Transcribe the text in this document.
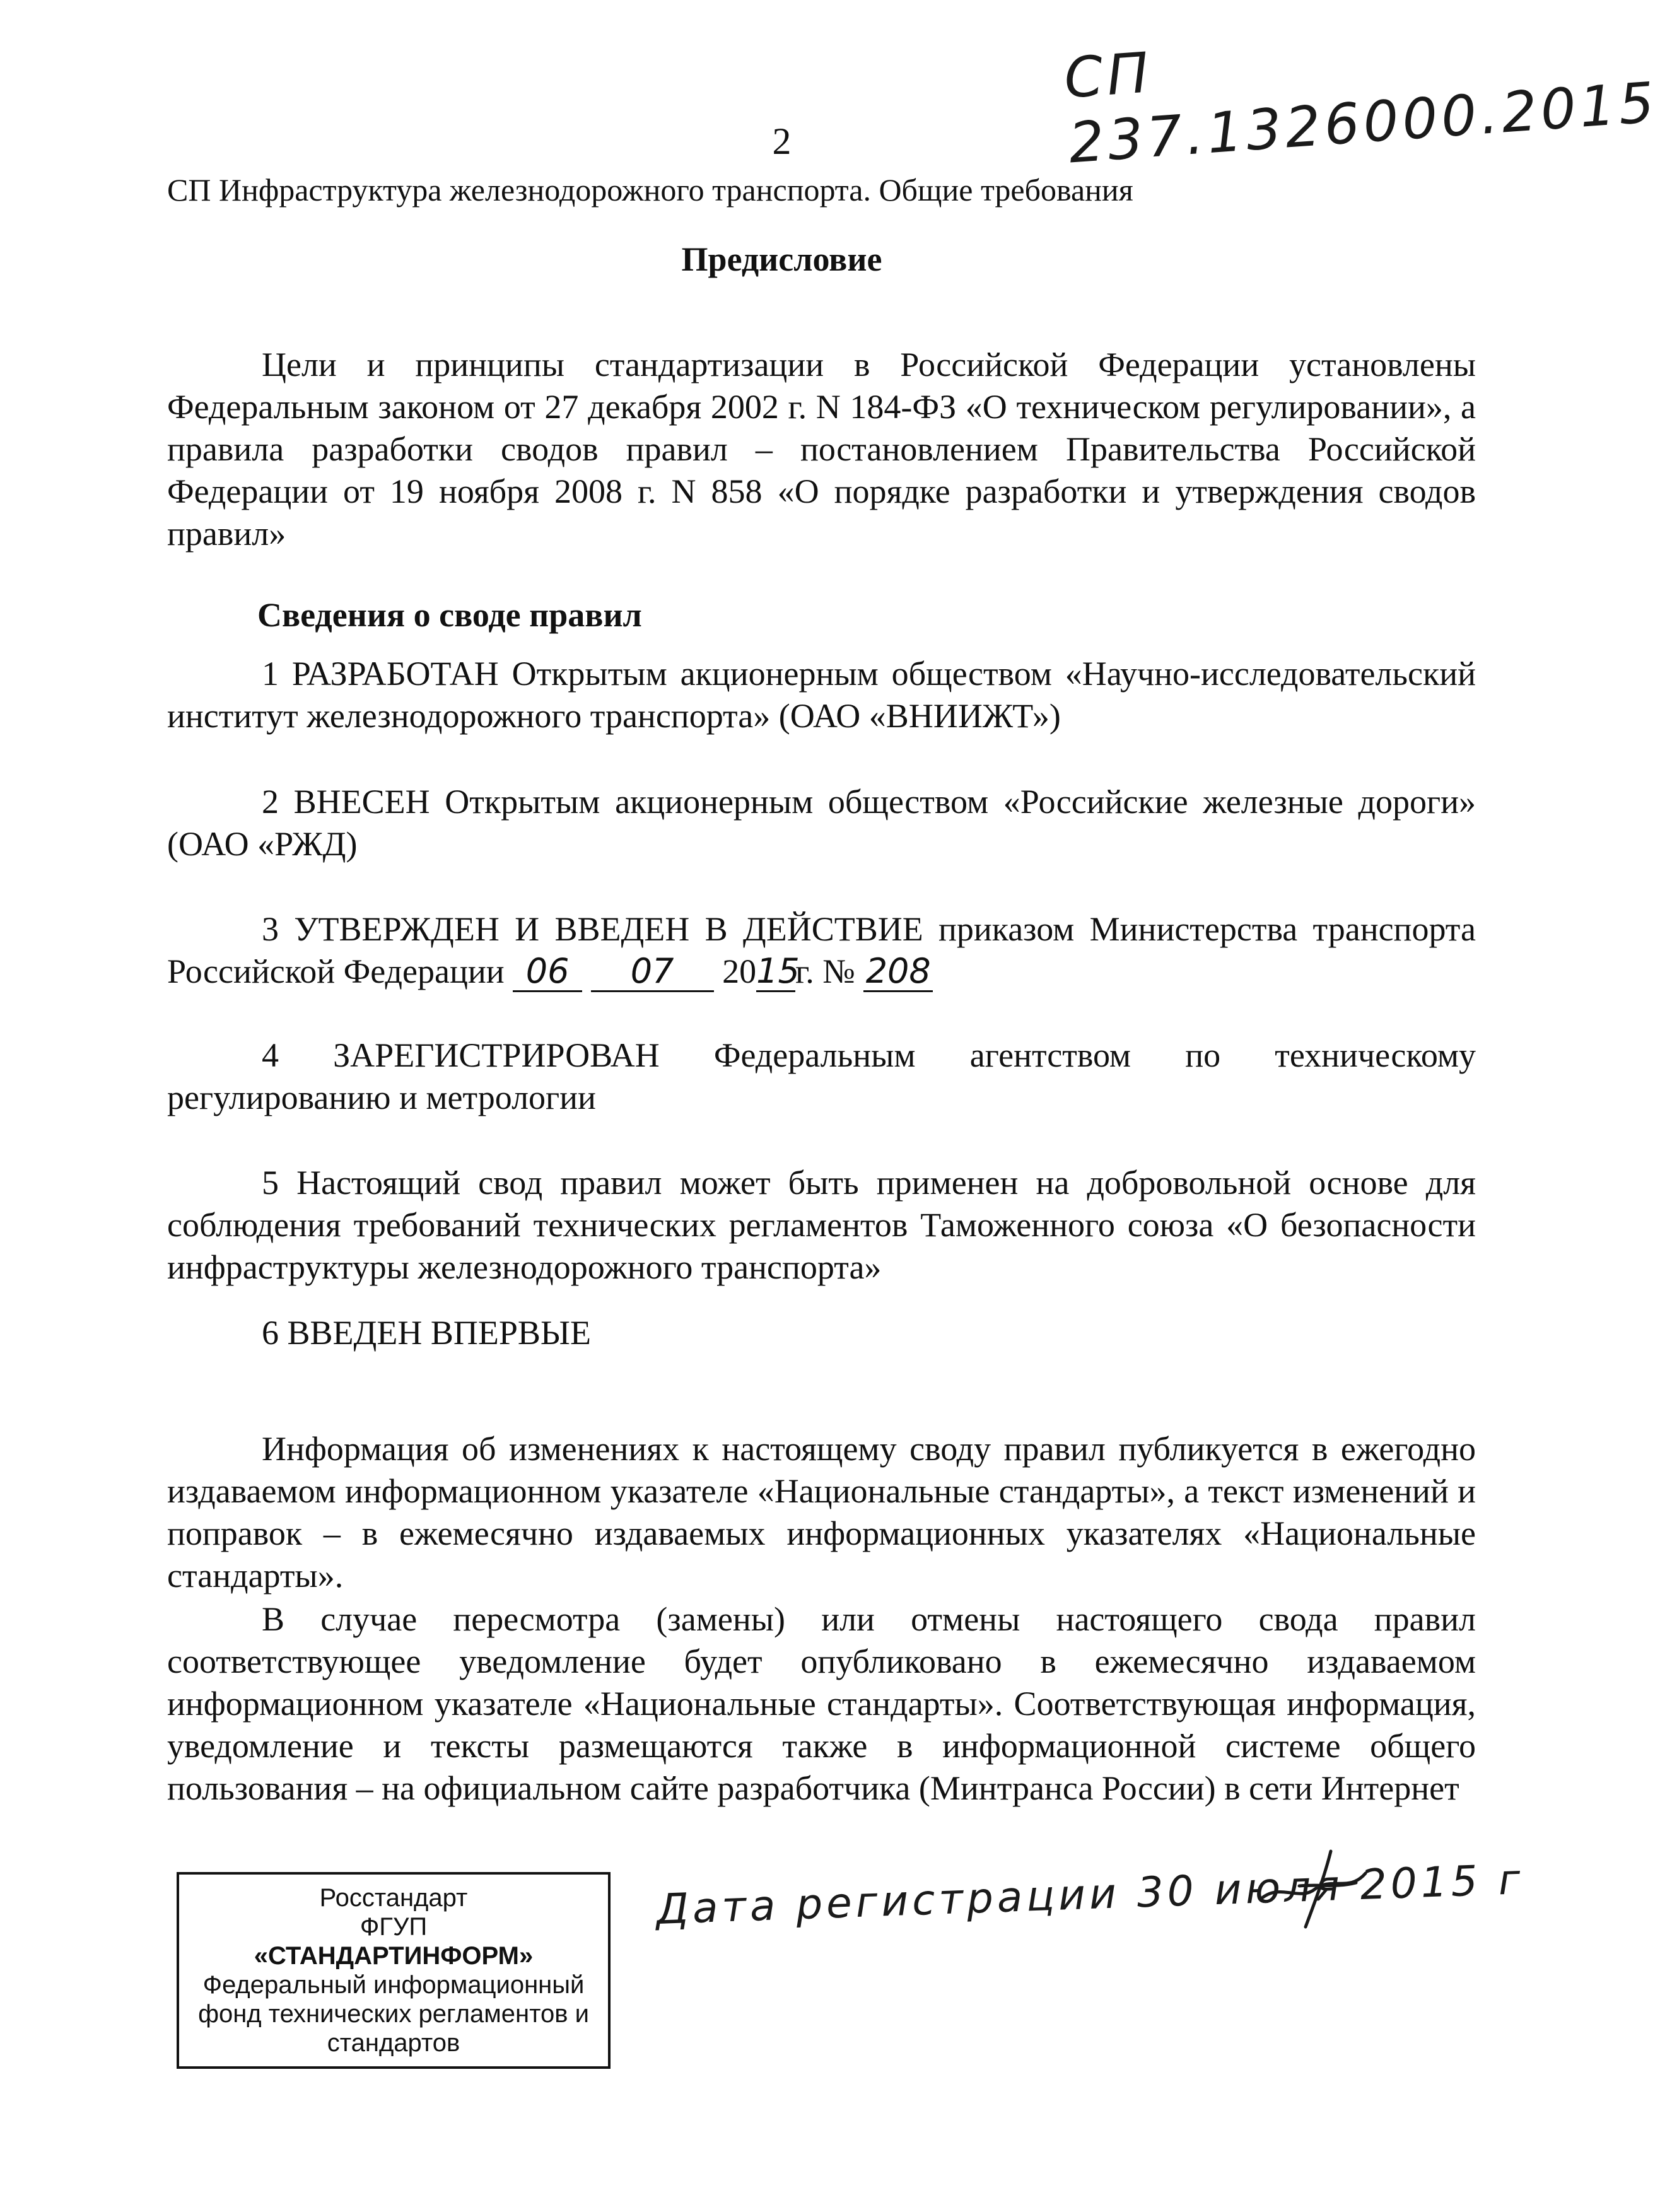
СП 237.1326000.2015
2
СП Инфраструктура железнодорожного транспорта. Общие требования
Предисловие
Цели и принципы стандартизации в Российской Федерации установлены Федеральным законом от 27 декабря 2002 г. N 184-ФЗ «О техническом регулировании», а правила разработки сводов правил – постановлением Правительства Российской Федерации от 19 ноября 2008 г. N 858 «О порядке разработки и утверждения сводов правил»
Сведения о своде правил
1 РАЗРАБОТАН Открытым акционерным обществом «Научно-исследовательский институт железнодорожного транспорта» (ОАО «ВНИИЖТ»)
2 ВНЕСЕН Открытым акционерным обществом «Российские железные дороги» (ОАО «РЖД)
3 УТВЕРЖДЕН И ВВЕДЕН В ДЕЙСТВИЕ приказом Министерства транспорта Российской Федерации 06 07 2015г. № 208
4 ЗАРЕГИСТРИРОВАН Федеральным агентством по техническому регулированию и метрологии
5 Настоящий свод правил может быть применен на добровольной основе для соблюдения требований технических регламентов Таможенного союза «О безопасности инфраструктуры железнодорожного транспорта»
6 ВВЕДЕН ВПЕРВЫЕ
Информация об изменениях к настоящему своду правил публикуется в ежегодно издаваемом информационном указателе «Национальные стандарты», а текст изменений и поправок – в ежемесячно издаваемых информационных указателях «Национальные стандарты».
В случае пересмотра (замены) или отмены настоящего свода правил соответствующее уведомление будет опубликовано в ежемесячно издаваемом информационном указателе «Национальные стандарты». Соответствующая информация, уведомление и тексты размещаются также в информационной системе общего пользования – на официальном сайте разработчика (Минтранса России) в сети Интернет
Росстандарт
ФГУП
«СТАНДАРТИНФОРМ»
Федеральный информационный
фонд технических регламентов и
стандартов
Дата регистрации 30 июля 2015 г
